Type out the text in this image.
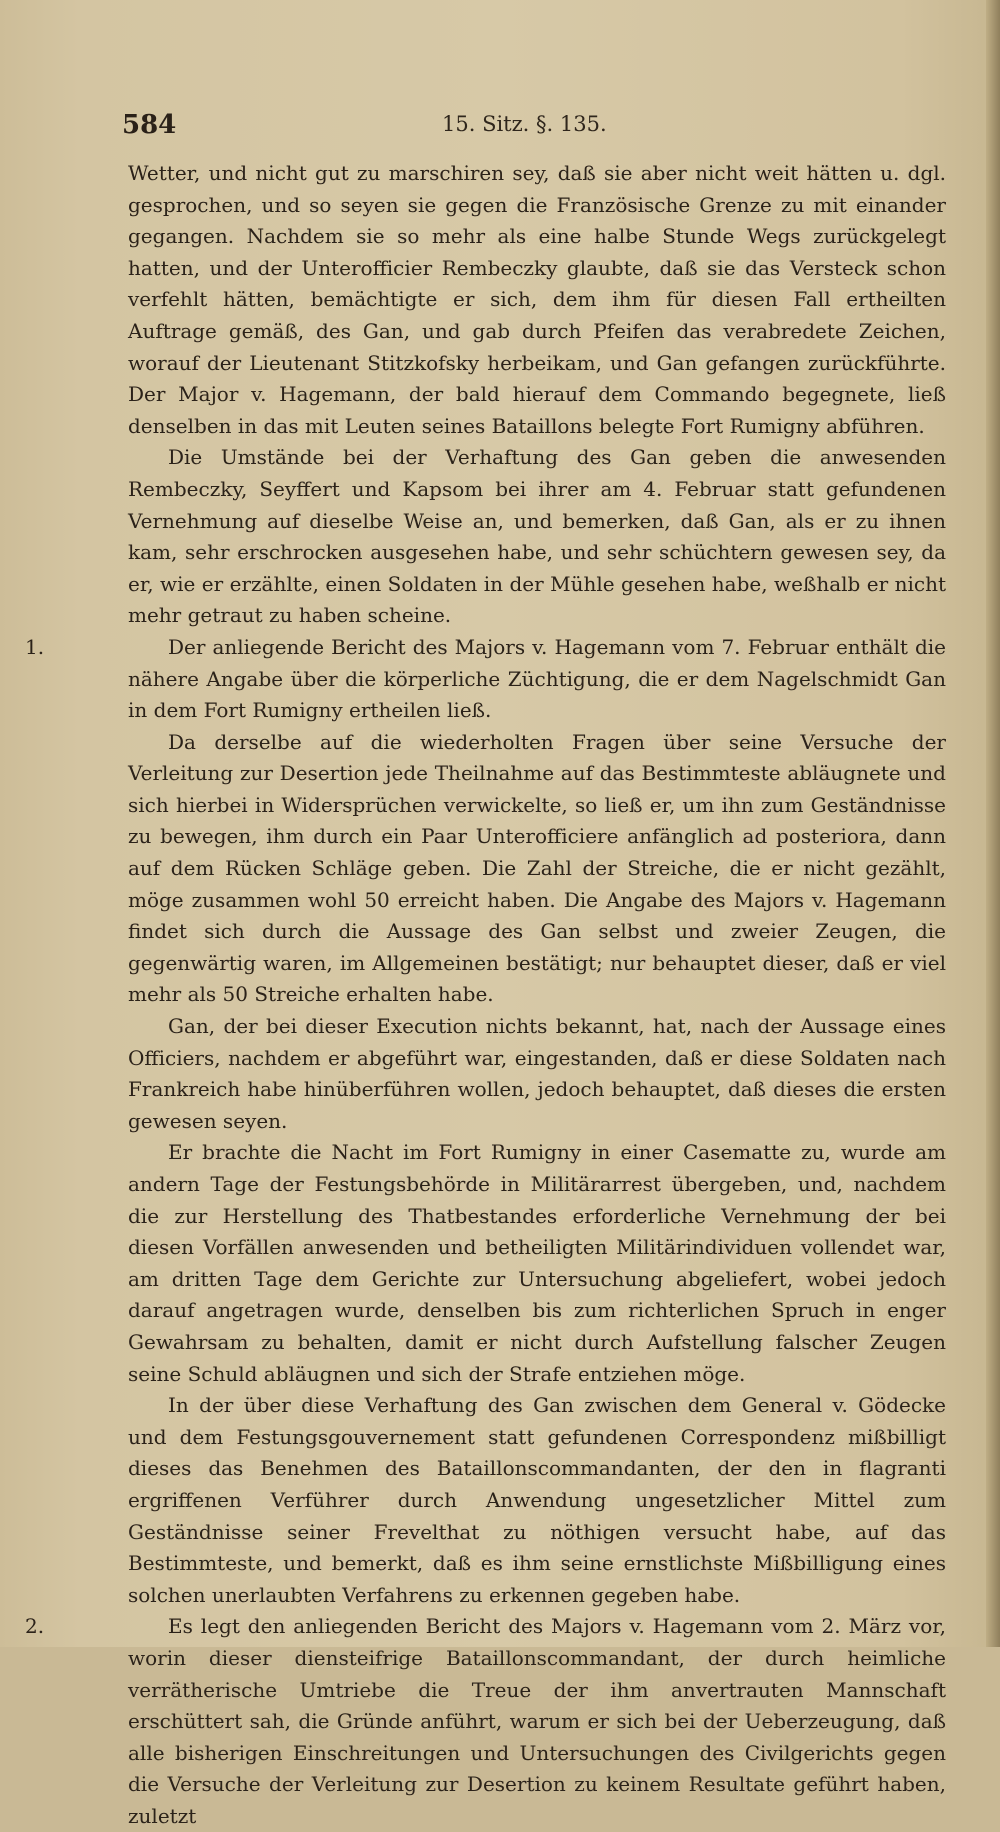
584	15. Sitz. §. 135.

Wetter, und nicht gut zu marschiren sey, daß sie aber nicht weit hätten u. dgl. gesprochen, und so seyen sie gegen die Französische Grenze zu mit einander gegangen. Nachdem sie so mehr als eine halbe Stunde Wegs zurückgelegt hatten, und der Unterofficier Rembeczky glaubte, daß sie das Versteck schon verfehlt hätten, bemächtigte er sich, dem ihm für diesen Fall ertheilten Auftrage gemäß, des Gan, und gab durch Pfeifen das verabredete Zeichen, worauf der Lieutenant Stitzkofsky herbeikam, und Gan gefangen zurückführte. Der Major v. Hagemann, der bald hierauf dem Commando begegnete, ließ denselben in das mit Leuten seines Bataillons belegte Fort Rumigny abführen.

Die Umstände bei der Verhaftung des Gan geben die anwesenden Rembeczky, Seyffert und Kapsom bei ihrer am 4. Februar statt gefundenen Vernehmung auf dieselbe Weise an, und bemerken, daß Gan, als er zu ihnen kam, sehr erschrocken ausgesehen habe, und sehr schüchtern gewesen sey, da er, wie er erzählte, einen Soldaten in der Mühle gesehen habe, weßhalb er nicht mehr getraut zu haben scheine.

1.	Der anliegende Bericht des Majors v. Hagemann vom 7. Februar enthält die nähere Angabe über die körperliche Züchtigung, die er dem Nagelschmidt Gan in dem Fort Rumigny ertheilen ließ.

Da derselbe auf die wiederholten Fragen über seine Versuche der Verleitung zur Desertion jede Theilnahme auf das Bestimmteste abläugnete und sich hierbei in Widersprüchen verwickelte, so ließ er, um ihn zum Geständnisse zu bewegen, ihm durch ein Paar Unterofficiere anfänglich ad posteriora, dann auf dem Rücken Schläge geben. Die Zahl der Streiche, die er nicht gezählt, möge zusammen wohl 50 erreicht haben. Die Angabe des Majors v. Hagemann findet sich durch die Aussage des Gan selbst und zweier Zeugen, die gegenwärtig waren, im Allgemeinen bestätigt; nur behauptet dieser, daß er viel mehr als 50 Streiche erhalten habe.

Gan, der bei dieser Execution nichts bekannt, hat, nach der Aussage eines Officiers, nachdem er abgeführt war, eingestanden, daß er diese Soldaten nach Frankreich habe hinüberführen wollen, jedoch behauptet, daß dieses die ersten gewesen seyen.

Er brachte die Nacht im Fort Rumigny in einer Casematte zu, wurde am andern Tage der Festungsbehörde in Militärarrest übergeben, und, nachdem die zur Herstellung des Thatbestandes erforderliche Vernehmung der bei diesen Vorfällen anwesenden und betheiligten Militärindividuen vollendet war, am dritten Tage dem Gerichte zur Untersuchung abgeliefert, wobei jedoch darauf angetragen wurde, denselben bis zum richterlichen Spruch in enger Gewahrsam zu behalten, damit er nicht durch Aufstellung falscher Zeugen seine Schuld abläugnen und sich der Strafe entziehen möge.

In der über diese Verhaftung des Gan zwischen dem General v. Gödecke und dem Festungsgouvernement statt gefundenen Correspondenz mißbilligt dieses das Benehmen des Bataillonscommandanten, der den in flagranti ergriffenen Verführer durch Anwendung ungesetzlicher Mittel zum Geständnisse seiner Frevelthat zu nöthigen versucht habe, auf das Bestimmteste, und bemerkt, daß es ihm seine ernstlichste Mißbilligung eines solchen unerlaubten Verfahrens zu erkennen gegeben habe.

2.	Es legt den anliegenden Bericht des Majors v. Hagemann vom 2. März vor, worin dieser diensteifrige Bataillonscommandant, der durch heimliche verrätherische Umtriebe die Treue der ihm anvertrauten Mannschaft erschüttert sah, die Gründe anführt, warum er sich bei der Ueberzeugung, daß alle bisherigen Einschreitungen und Untersuchungen des Civilgerichts gegen die Versuche der Verleitung zur Desertion zu keinem Resultate geführt haben, zuletzt
